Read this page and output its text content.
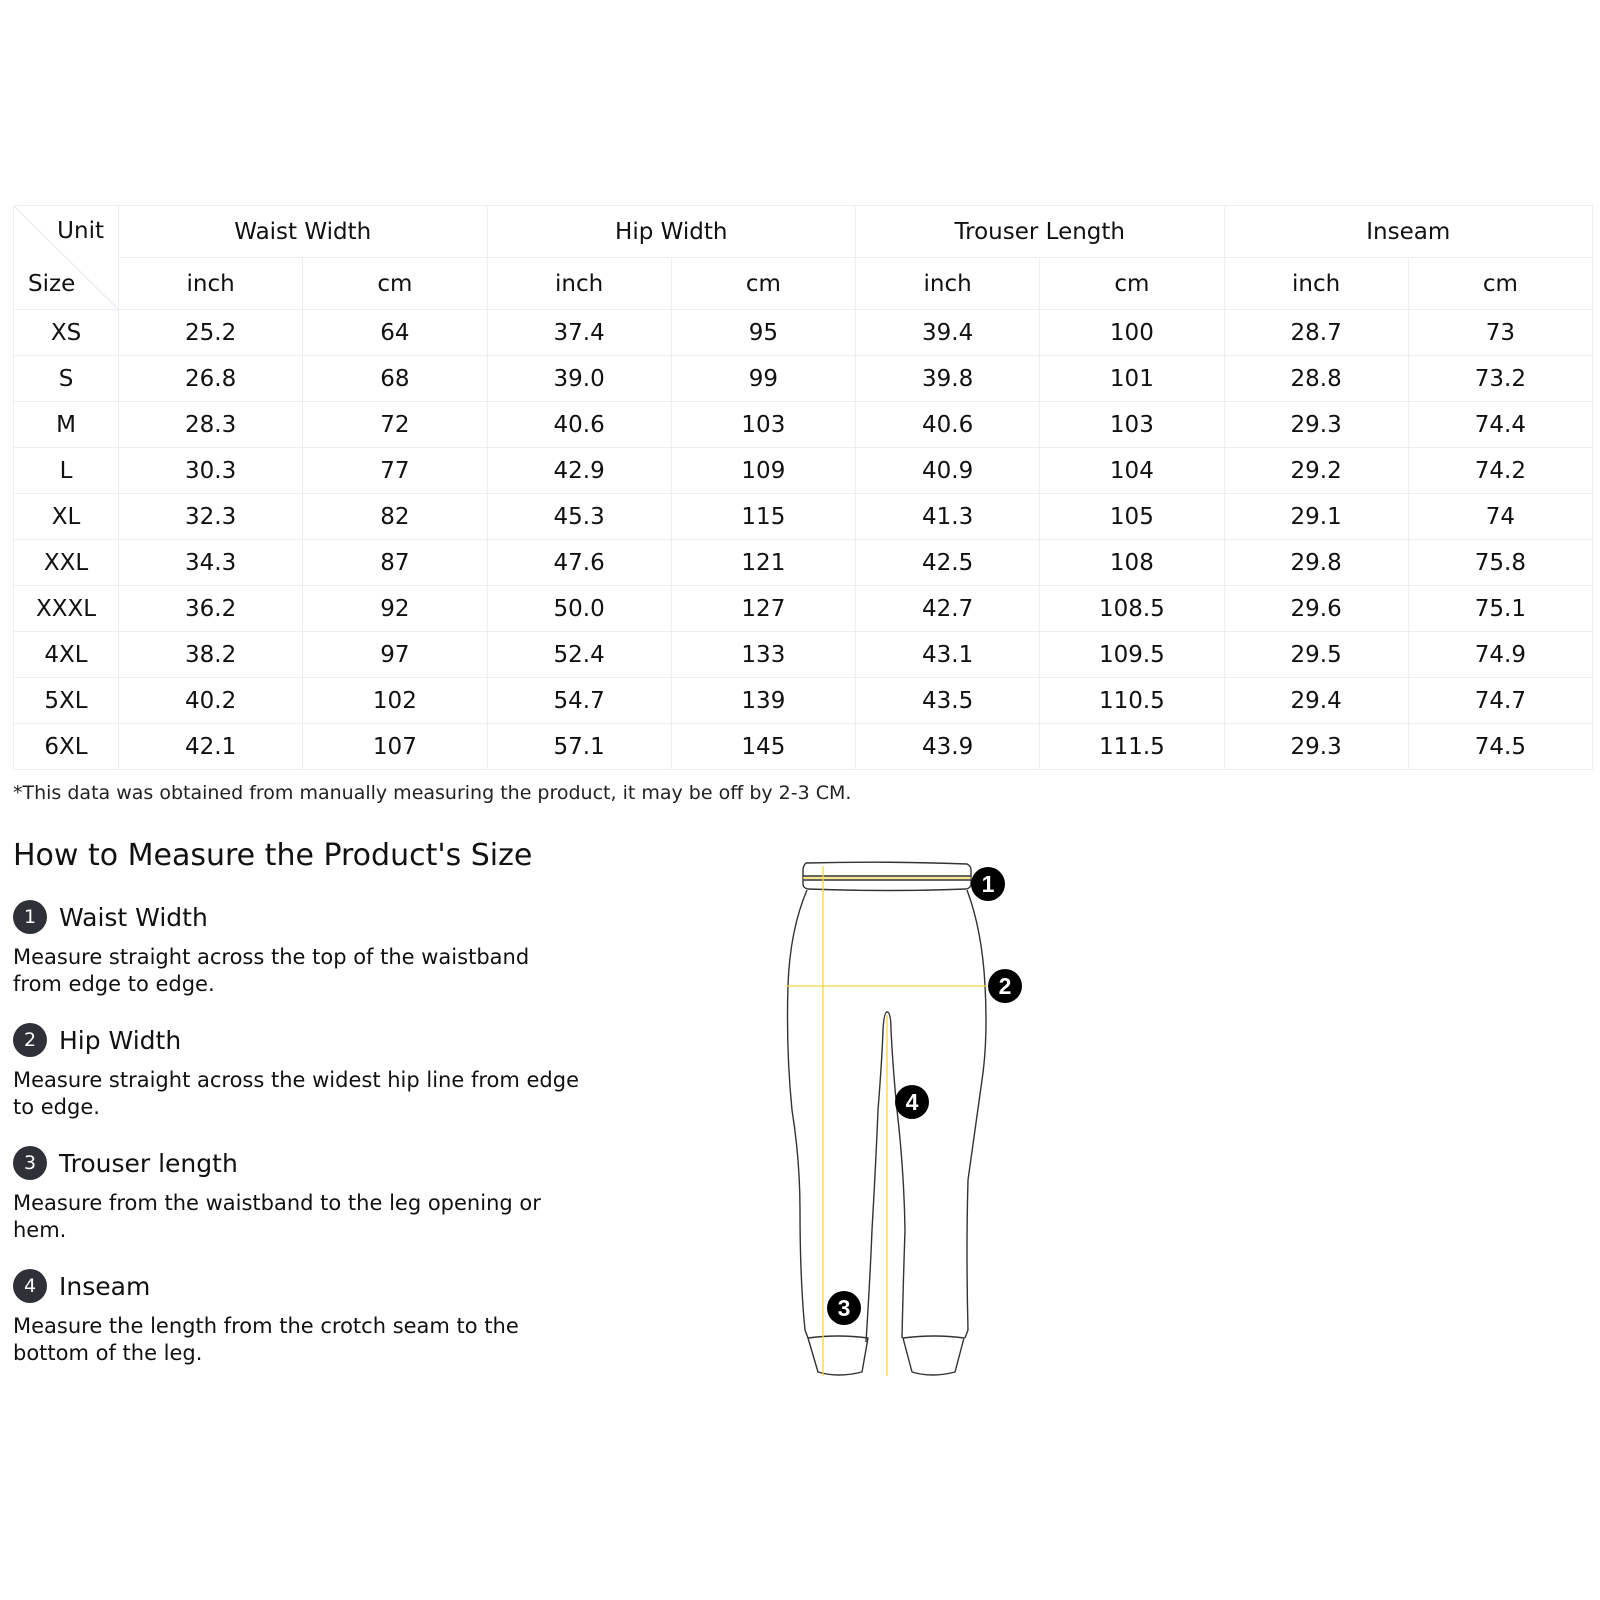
Unit
Size	Waist Width		Hip Width		Trouser Length		Inseam	
	inch	cm	inch	cm	inch	cm	inch	cm
XS	25.2	64	37.4	95	39.4	100	28.7	73
S	26.8	68	39.0	99	39.8	101	28.8	73.2
M	28.3	72	40.6	103	40.6	103	29.3	74.4
L	30.3	77	42.9	109	40.9	104	29.2	74.2
XL	32.3	82	45.3	115	41.3	105	29.1	74
XXL	34.3	87	47.6	121	42.5	108	29.8	75.8
XXXL	36.2	92	50.0	127	42.7	108.5	29.6	75.1
4XL	38.2	97	52.4	133	43.1	109.5	29.5	74.9
5XL	40.2	102	54.7	139	43.5	110.5	29.4	74.7
6XL	42.1	107	57.1	145	43.9	111.5	29.3	74.5
*This data was obtained from manually measuring the product, it may be off by 2-3 CM.
How to Measure the Product's Size
1 Waist Width
Measure straight across the top of the waistband from edge to edge.
2 Hip Width
Measure straight across the widest hip line from edge to edge.
3 Trouser length
Measure from the waistband to the leg opening or hem.
4 Inseam
Measure the length from the crotch seam to the bottom of the leg.
1
2
3
4
